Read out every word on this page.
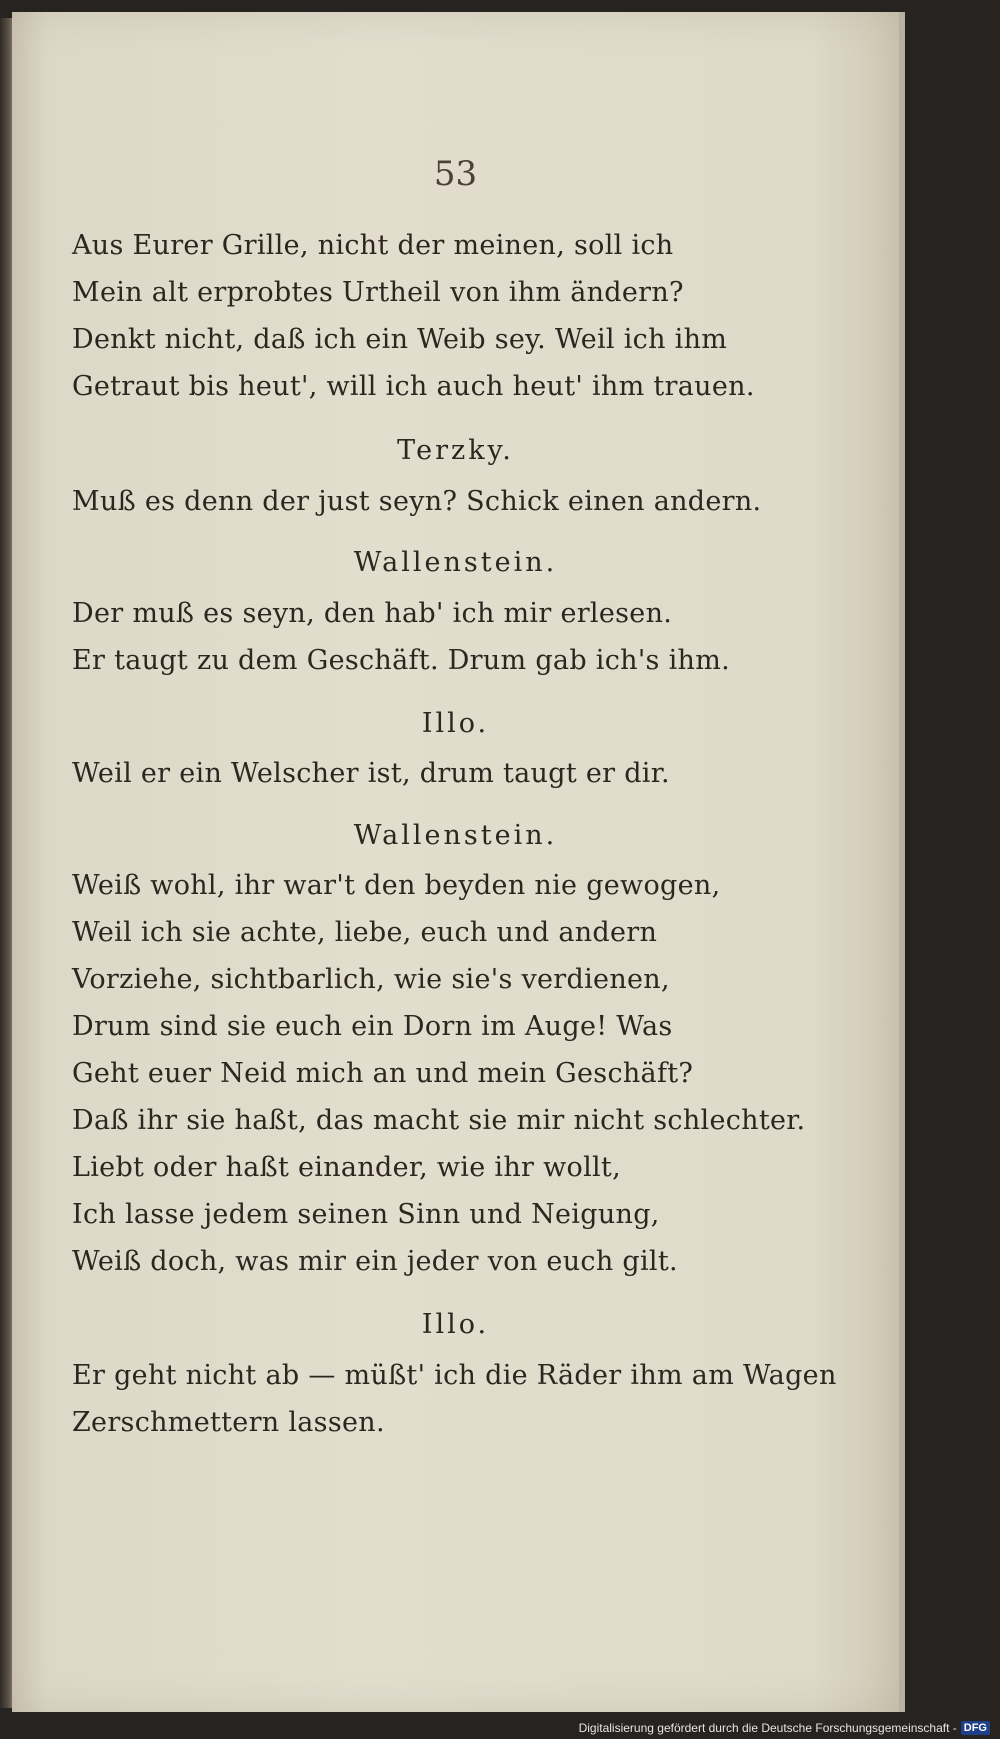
53
Aus Eurer Grille, nicht der meinen, soll ich
Mein alt erprobtes Urtheil von ihm ändern?
Denkt nicht, daß ich ein Weib sey. Weil ich ihm
Getraut bis heut', will ich auch heut' ihm trauen.
Terzky.
Muß es denn der just seyn? Schick einen andern.
Wallenstein.
Der muß es seyn, den hab' ich mir erlesen.
Er taugt zu dem Geschäft. Drum gab ich's ihm.
Illo.
Weil er ein Welscher ist, drum taugt er dir.
Wallenstein.
Weiß wohl, ihr war't den beyden nie gewogen,
Weil ich sie achte, liebe, euch und andern
Vorziehe, sichtbarlich, wie sie's verdienen,
Drum sind sie euch ein Dorn im Auge! Was
Geht euer Neid mich an und mein Geschäft?
Daß ihr sie haßt, das macht sie mir nicht schlechter.
Liebt oder haßt einander, wie ihr wollt,
Ich lasse jedem seinen Sinn und Neigung,
Weiß doch, was mir ein jeder von euch gilt.
Illo.
Er geht nicht ab — müßt' ich die Räder ihm am Wagen
Zerschmettern lassen.
Digitalisierung gefördert durch die Deutsche Forschungsgemeinschaft - DFG
